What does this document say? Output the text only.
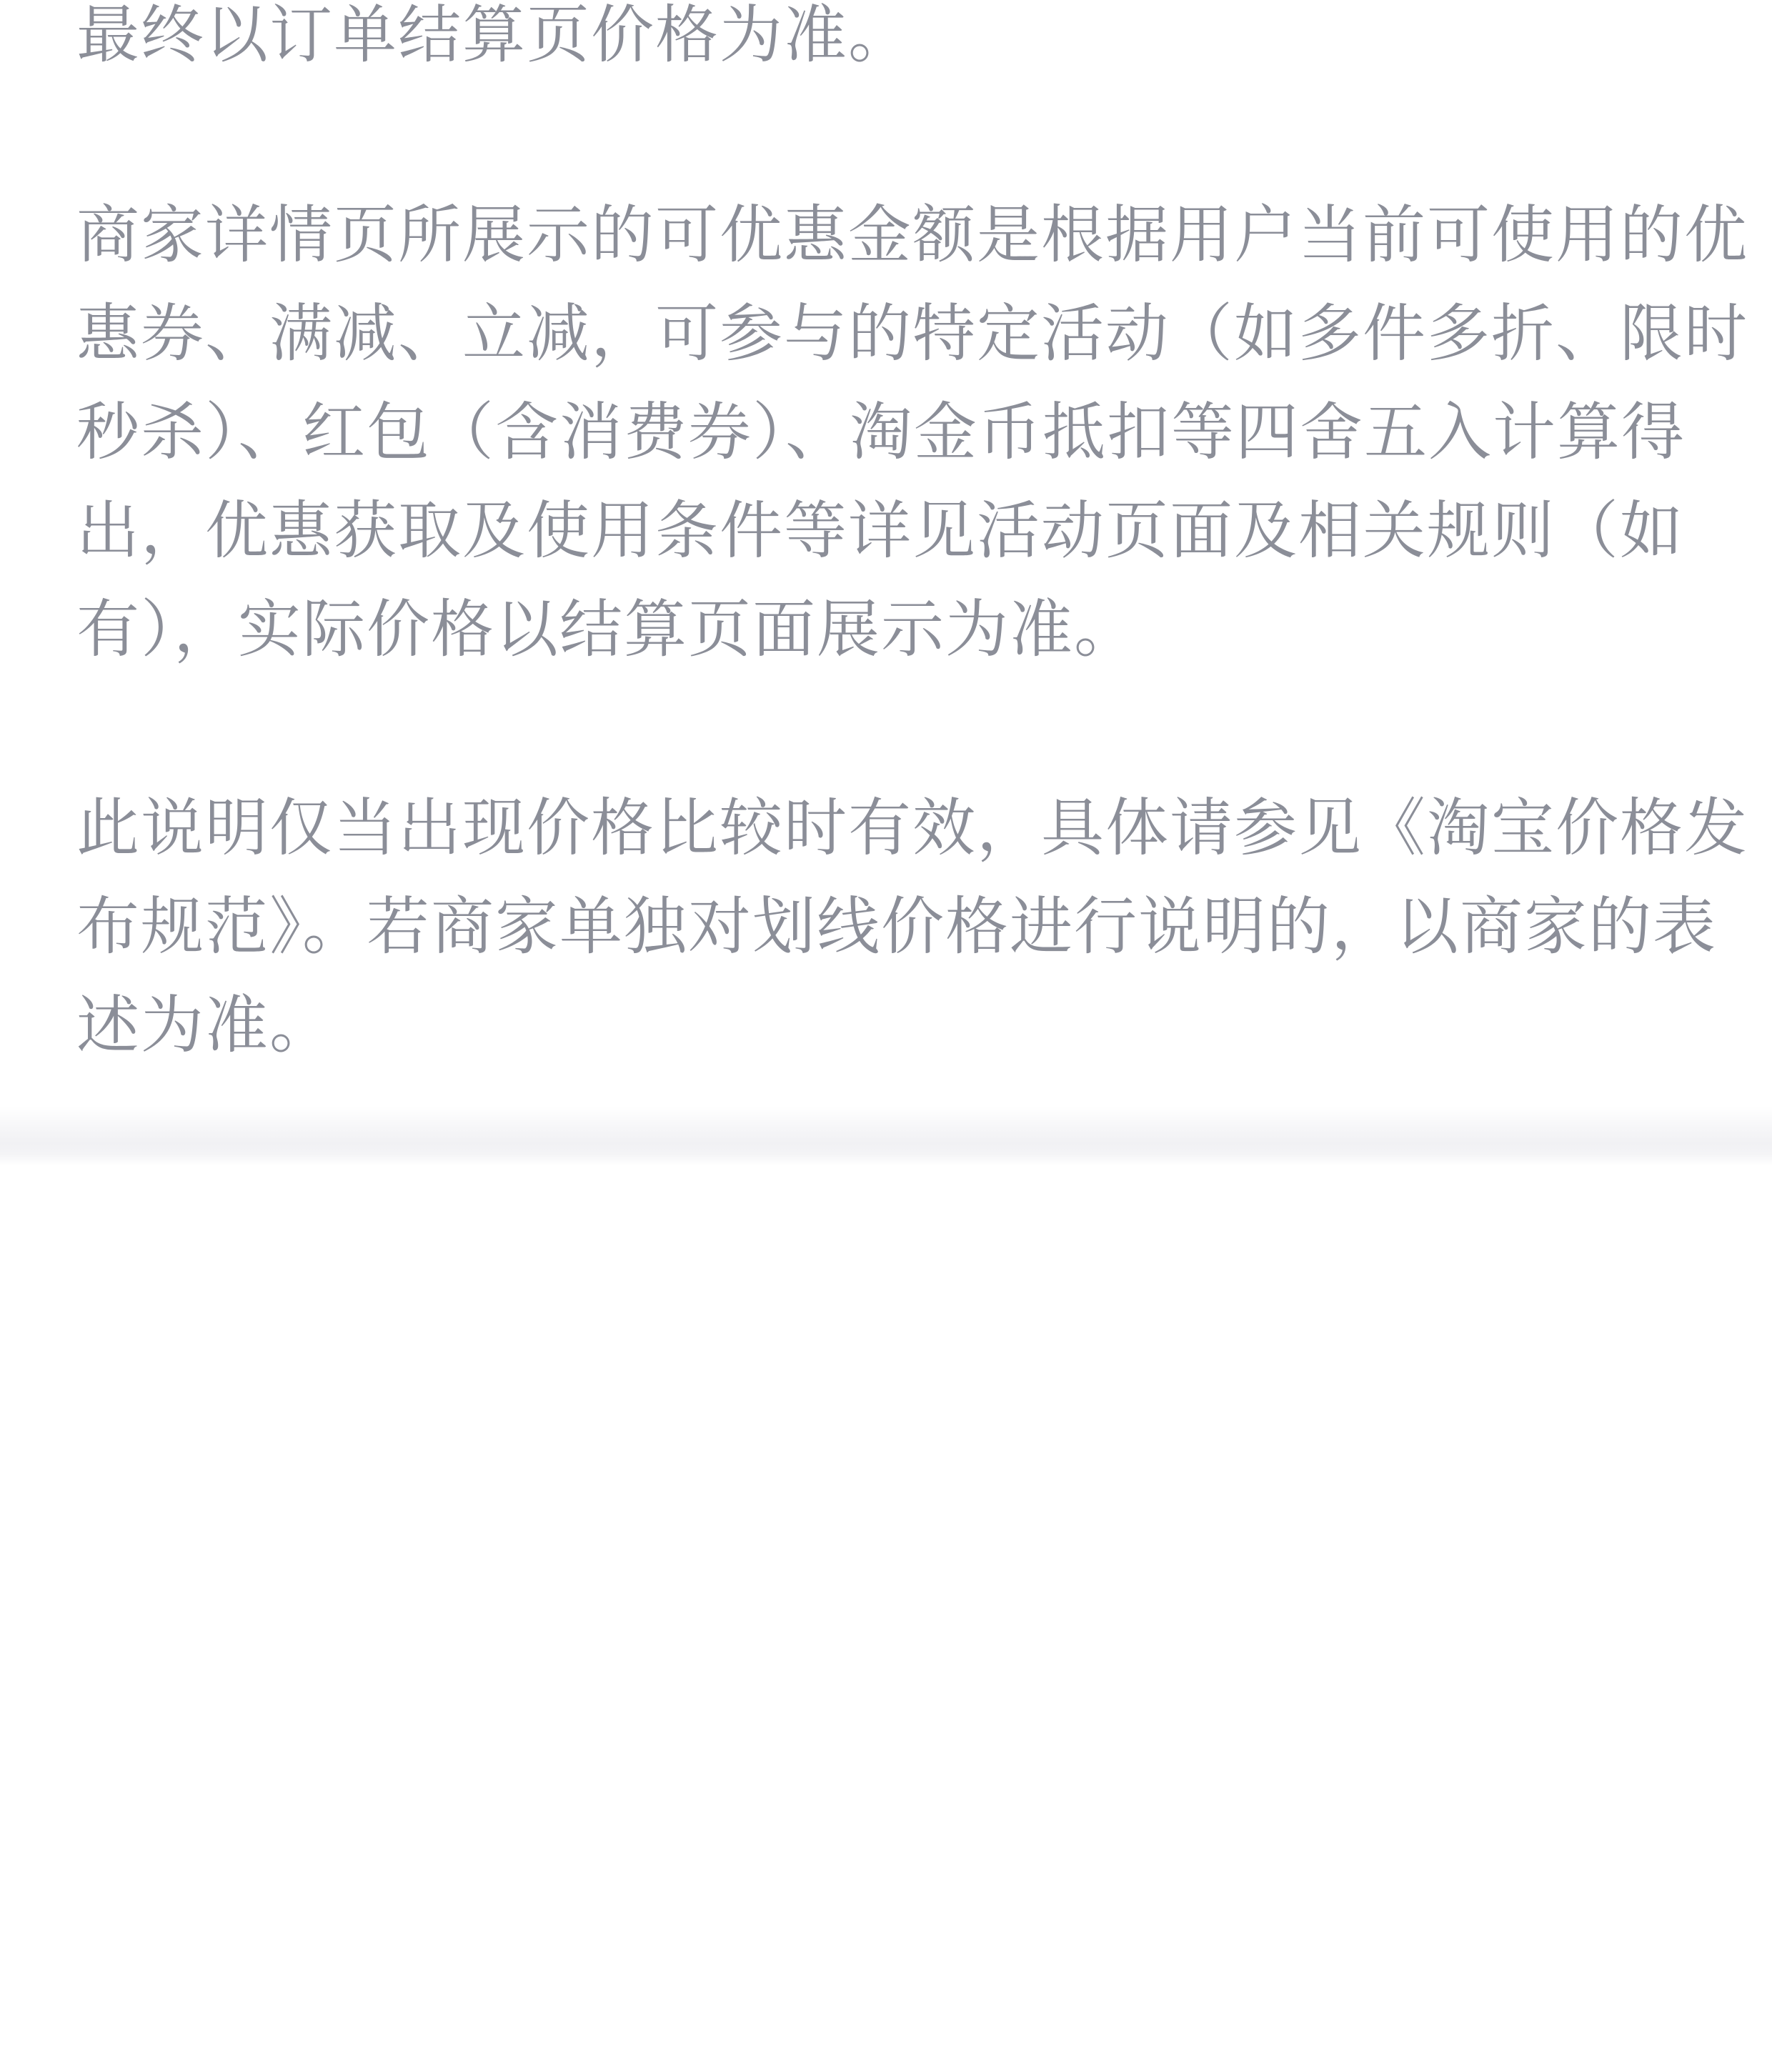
最终以订单结算页价格为准。
商家详情页所展示的可优惠金额是根据用户当前可使用的优
惠券、满减、立减，可参与的特定活动（如多件多折、限时
秒杀）、红包（含消费券）、淘金币抵扣等四舍五入计算得
出，优惠获取及使用条件等详见活动页面及相关规则（如
有），实际价格以结算页面展示为准。
此说明仅当出现价格比较时有效，具体请参见《淘宝价格发
布规范》。若商家单独对划线价格进行说明的，以商家的表
述为准。
